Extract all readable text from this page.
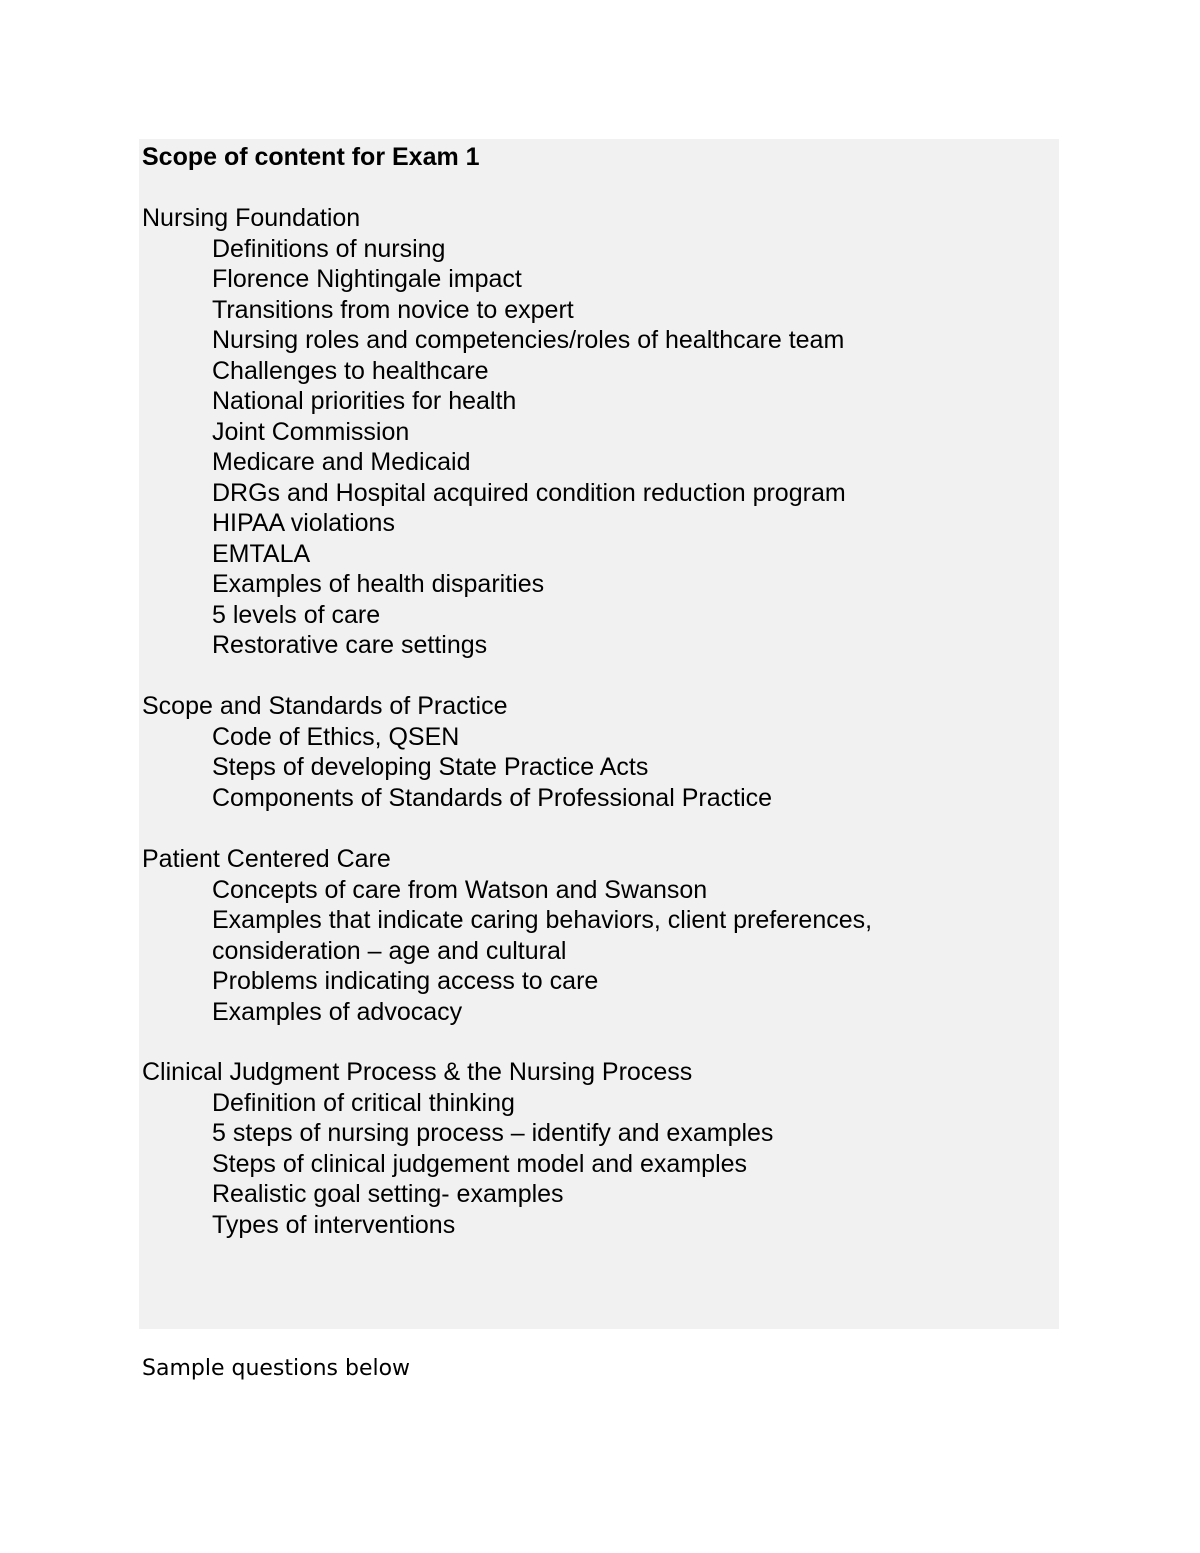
Scope of content for Exam 1
Nursing Foundation
Definitions of nursing
Florence Nightingale impact
Transitions from novice to expert
Nursing roles and competencies/roles of healthcare team
Challenges to healthcare
National priorities for health
Joint Commission
Medicare and Medicaid
DRGs and Hospital acquired condition reduction program
HIPAA violations
EMTALA
Examples of health disparities
5 levels of care
Restorative care settings
Scope and Standards of Practice
Code of Ethics, QSEN
Steps of developing State Practice Acts
Components of Standards of Professional Practice
Patient Centered Care
Concepts of care from Watson and Swanson
Examples that indicate caring behaviors, client preferences,
consideration – age and cultural
Problems indicating access to care
Examples of advocacy
Clinical Judgment Process & the Nursing Process
Definition of critical thinking
5 steps of nursing process – identify and examples
Steps of clinical judgement model and examples
Realistic goal setting- examples
Types of interventions
Sample questions below
